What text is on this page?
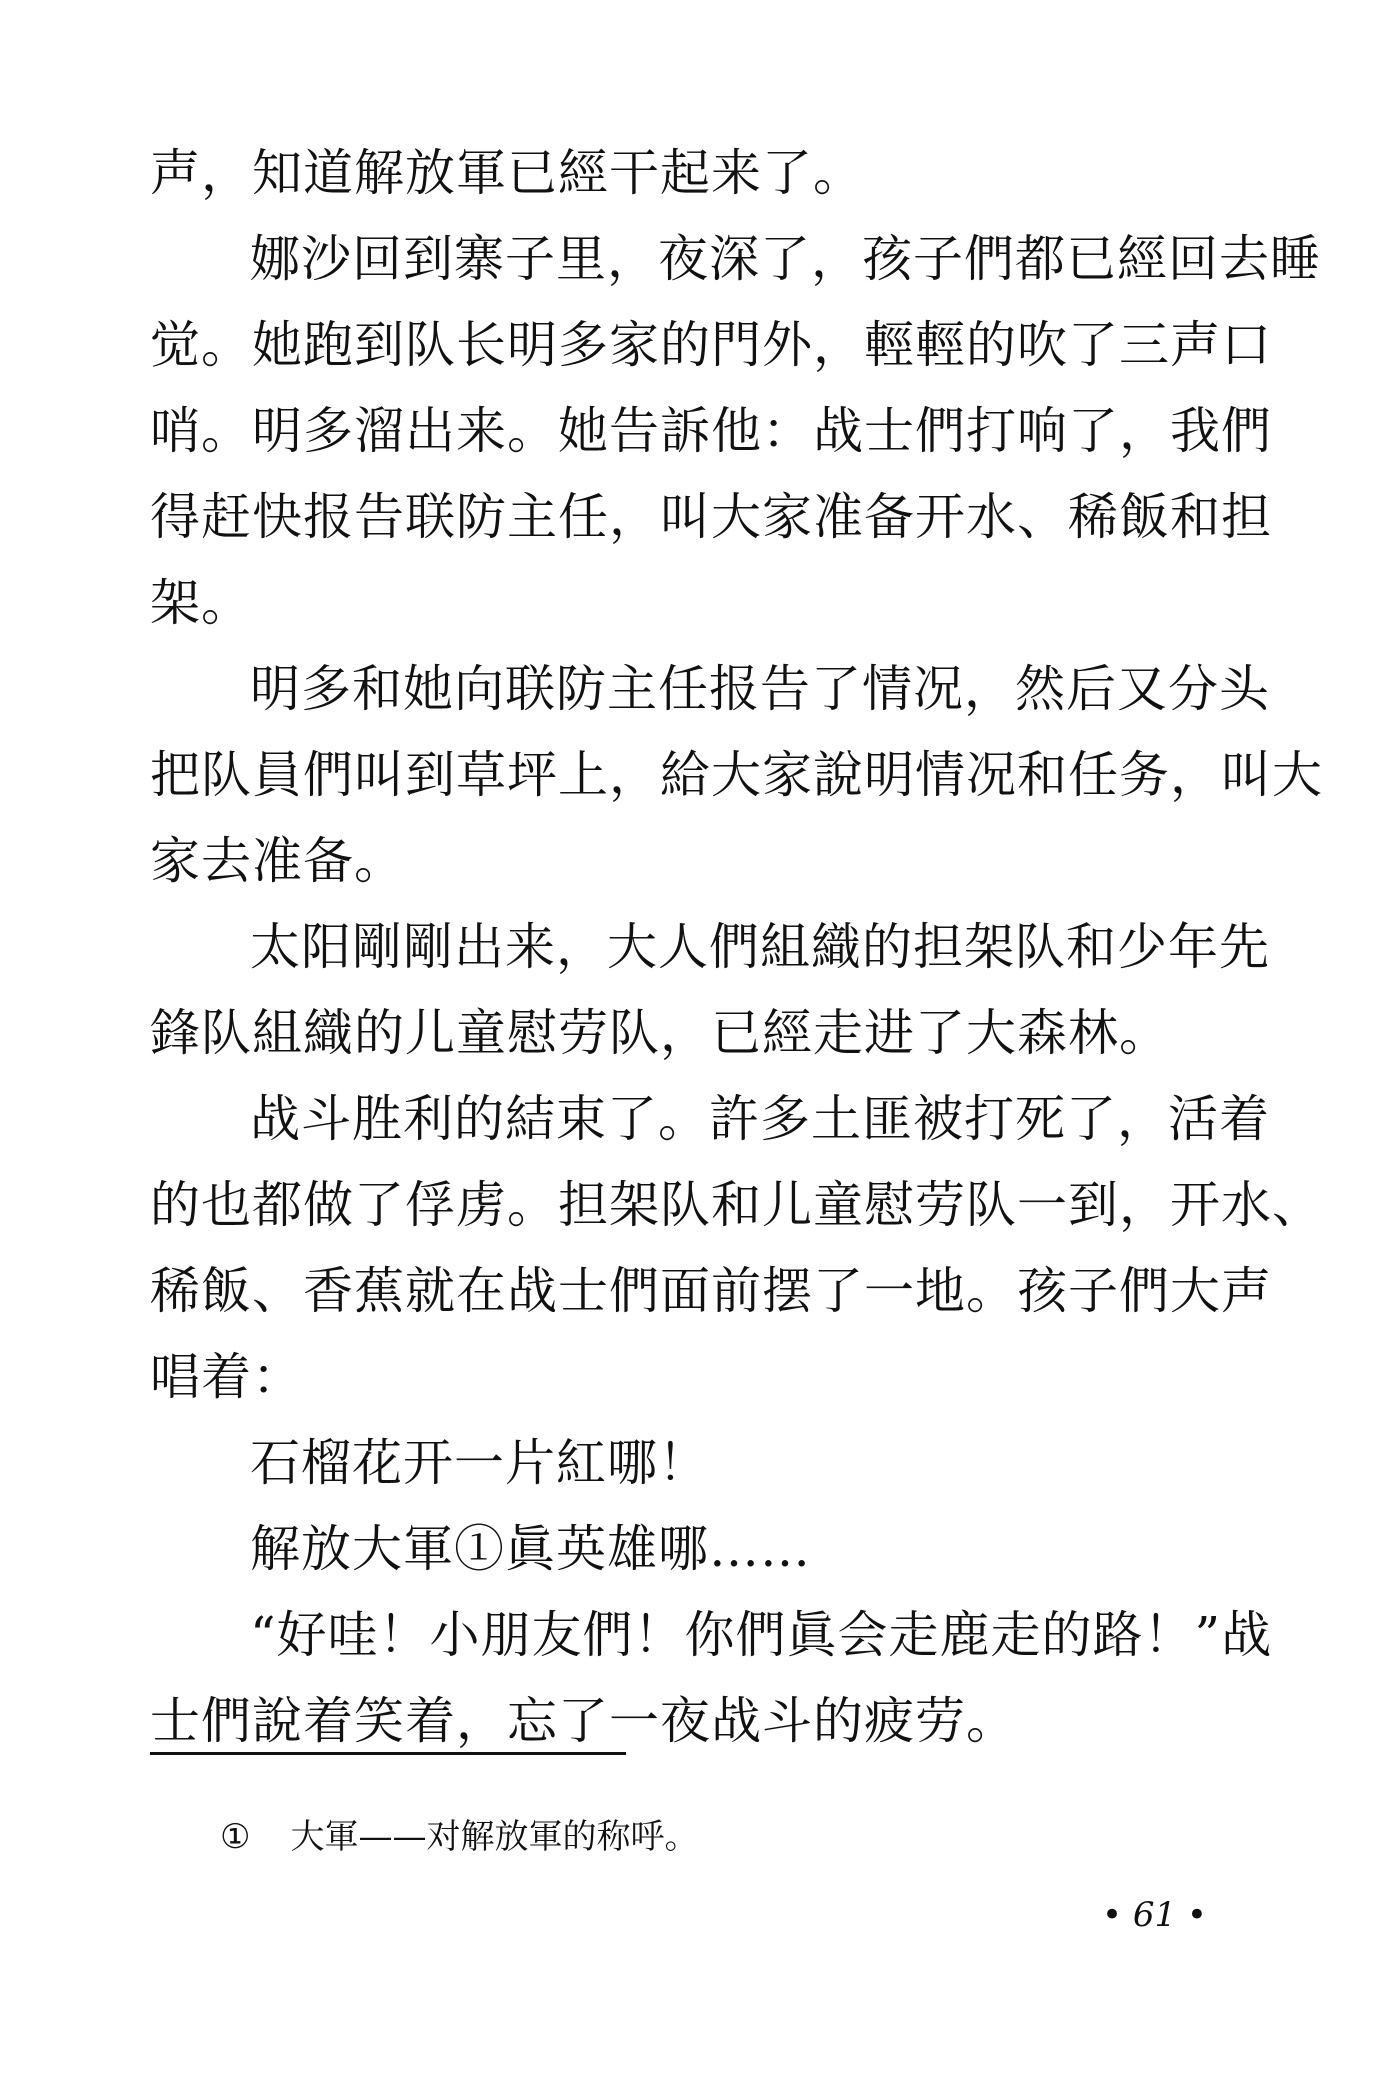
声，知道解放軍已經干起来了。
娜沙回到寨子里，夜深了，孩子們都已經回去睡
觉。她跑到队长明多家的門外，輕輕的吹了三声口
哨。明多溜出来。她告訴他：战士們打响了，我們
得赶快报告联防主任，叫大家准备开水、稀飯和担
架。
明多和她向联防主任报告了情况，然后又分头
把队員們叫到草坪上，給大家說明情况和任务，叫大
家去准备。
太阳剛剛出来，大人們組織的担架队和少年先
鋒队組織的儿童慰劳队，已經走进了大森林。
战斗胜利的結束了。許多土匪被打死了，活着
的也都做了俘虏。担架队和儿童慰劳队一到，开水、
稀飯、香蕉就在战士們面前摆了一地。孩子們大声
唱着：
石榴花开一片紅哪！
解放大軍①眞英雄哪……
“好哇！小朋友們！你們眞会走鹿走的路！”战
士們說着笑着，忘了一夜战斗的疲劳。
① 大軍——对解放軍的称呼。
• 61 •
